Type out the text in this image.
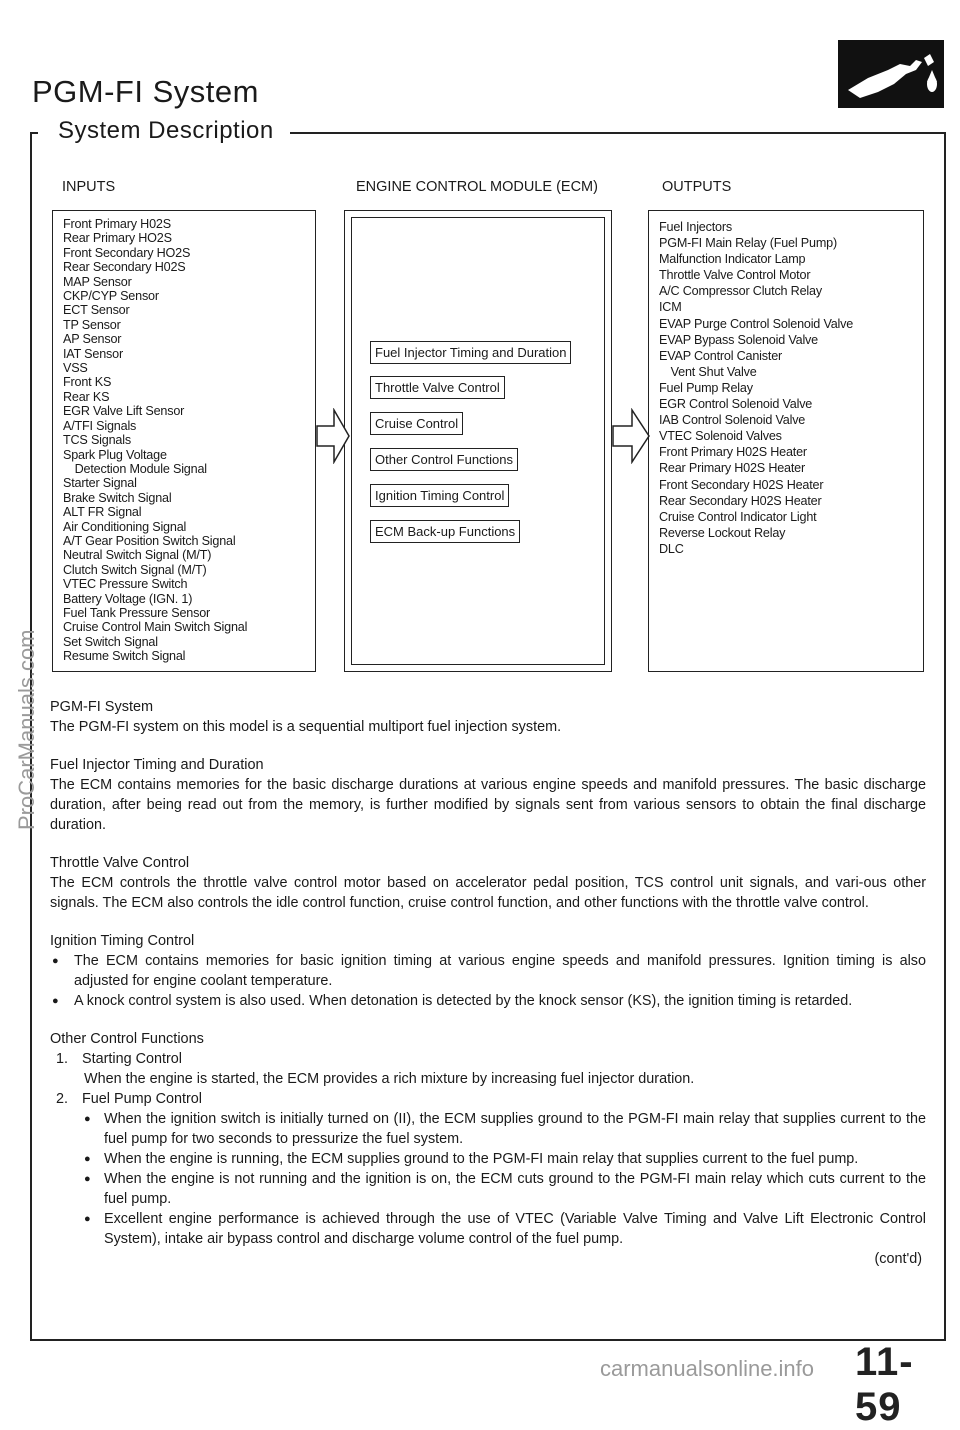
PGM-FI System
System Description
INPUTS	ENGINE CONTROL MODULE (ECM)	OUTPUTS
Front Primary H02S
Rear Primary HO2S
Front Secondary HO2S
Rear Secondary H02S
MAP Sensor
CKP/CYP Sensor
ECT Sensor
TP Sensor
AP Sensor
IAT Sensor
VSS
Front KS
Rear KS
EGR Valve Lift Sensor
A/TFI Signals
TCS Signals
Spark Plug Voltage
Detection Module Signal
Starter Signal
Brake Switch Signal
ALT FR Signal
Air Conditioning Signal
A/T Gear Position Switch Signal
Neutral Switch Signal (M/T)
Clutch Switch Signal (M/T)
VTEC Pressure Switch
Battery Voltage (IGN. 1)
Fuel Tank Pressure Sensor
Cruise Control Main Switch Signal
Set Switch Signal
Resume Switch Signal
Fuel Injector Timing and Duration
Throttle Valve Control
Cruise Control
Other Control Functions
Ignition Timing Control
ECM Back-up Functions
Fuel Injectors
PGM-FI Main Relay (Fuel Pump)
Malfunction Indicator Lamp
Throttle Valve Control Motor
A/C Compressor Clutch Relay
ICM
EVAP Purge Control Solenoid Valve
EVAP Bypass Solenoid Valve
EVAP Control Canister
Vent Shut Valve
Fuel Pump Relay
EGR Control Solenoid Valve
IAB Control Solenoid Valve
VTEC Solenoid Valves
Front Primary H02S Heater
Rear Primary H02S Heater
Front Secondary H02S Heater
Rear Secondary H02S Heater
Cruise Control Indicator Light
Reverse Lockout Relay
DLC

PGM-FI System

The PGM-FI system on this model is a sequential multiport fuel injection system.

Fuel Injector Timing and Duration

The ECM contains memories for the basic discharge durations at various engine speeds and manifold pressures. The basic discharge duration, after being read out from the memory, is further modified by signals sent from various sensors to obtain the final discharge duration.

Throttle Valve Control

The ECM controls the throttle valve control motor based on accelerator pedal position, TCS control unit signals, and vari-ous other signals. The ECM also controls the idle control function, cruise control function, and other functions with the throttle valve control.

Ignition Timing Control

● The ECM contains memories for basic ignition timing at various engine speeds and manifold pressures. Ignition timing is also adjusted for engine coolant temperature.

● A knock control system is also used. When detonation is detected by the knock sensor (KS), the ignition timing is retarded.

Other Control Functions

1. Starting Control

When the engine is started, the ECM provides a rich mixture by increasing fuel injector duration.

2. Fuel Pump Control

● When the ignition switch is initially turned on (II), the ECM supplies ground to the PGM-FI main relay that supplies current to the fuel pump for two seconds to pressurize the fuel system.

● When the engine is running, the ECM supplies ground to the PGM-FI main relay that supplies current to the fuel pump.

● When the engine is not running and the ignition is on, the ECM cuts ground to the PGM-FI main relay which cuts current to the fuel pump.

● Excellent engine performance is achieved through the use of VTEC (Variable Valve Timing and Valve Lift Electronic Control System), intake air bypass control and discharge volume control of the fuel pump.

(cont'd)

ProCarManuals.com
carmanualsonline.info 11-59
